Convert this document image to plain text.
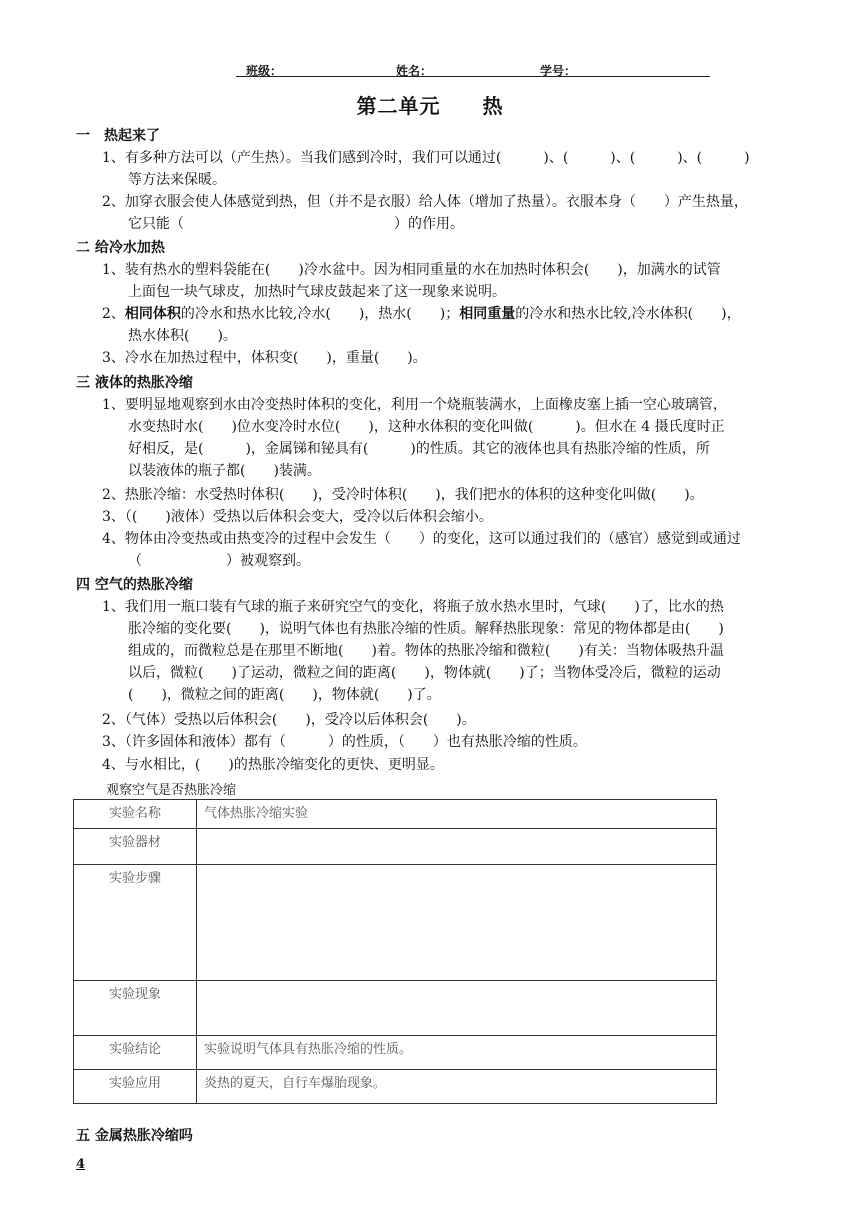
班级：	姓名：	学号：
第二单元　　热
一　热起来了
1、有多种方法可以（产生热）。当我们感到冷时，我们可以通过(　　　)、(　　　)、(　　　)、(　　　)
等方法来保暖。
2、加穿衣服会使人体感觉到热，但（并不是衣服）给人体（增加了热量）。衣服本身（　　）产生热量，
它只能（　　　　　　　　　　　　　　　）的作用。
二 给冷水加热
1、装有热水的塑料袋能在(　　)冷水盆中。因为相同重量的水在加热时体积会(　　)，加满水的试管
上面包一块气球皮，加热时气球皮鼓起来了这一现象来说明。
2、相同体积的冷水和热水比较,冷水(　　)，热水(　　)；相同重量的冷水和热水比较,冷水体积(　　)，
热水体积(　　)。
3、冷水在加热过程中，体积变(　　)，重量(　　)。
三 液体的热胀冷缩
1、要明显地观察到水由冷变热时体积的变化，利用一个烧瓶装满水，上面橡皮塞上插一空心玻璃管，
水变热时水(　　)位水变冷时水位(　　)，这种水体积的变化叫做(　　　)。但水在 4 摄氏度时正
好相反，是(　　　)，金属锑和铋具有(　　　)的性质。其它的液体也具有热胀冷缩的性质，所
以装液体的瓶子都(　　)装满。
2、热胀冷缩：水受热时体积(　　)，受冷时体积(　　)，我们把水的体积的这种变化叫做(　　)。
3、（(　　)液体）受热以后体积会变大，受冷以后体积会缩小。
4、物体由冷变热或由热变冷的过程中会发生（　　）的变化，这可以通过我们的（感官）感觉到或通过
（　　　　　　）被观察到。
四 空气的热胀冷缩
1、我们用一瓶口装有气球的瓶子来研究空气的变化，将瓶子放水热水里时，气球(　　)了，比水的热
胀冷缩的变化要(　　)，说明气体也有热胀冷缩的性质。解释热胀现象：常见的物体都是由(　　)
组成的，而微粒总是在那里不断地(　　)着。物体的热胀冷缩和微粒(　　)有关：当物体吸热升温
以后，微粒(　　)了运动，微粒之间的距离(　　)，物体就(　　)了；当物体受冷后，微粒的运动
(　　)，微粒之间的距离(　　)，物体就(　　)了。
2、（气体）受热以后体积会(　　)，受冷以后体积会(　　)。
3、（许多固体和液体）都有（　　　）的性质，（　　）也有热胀冷缩的性质。
4、与水相比，(　　)的热胀冷缩变化的更快、更明显。
观察空气是否热胀冷缩
实验名称	气体热胀冷缩实验
实验器材	
实验步骤	
实验现象	
实验结论	实验说明气体具有热胀冷缩的性质。
实验应用	炎热的夏天，自行车爆胎现象。
五 金属热胀冷缩吗
4
